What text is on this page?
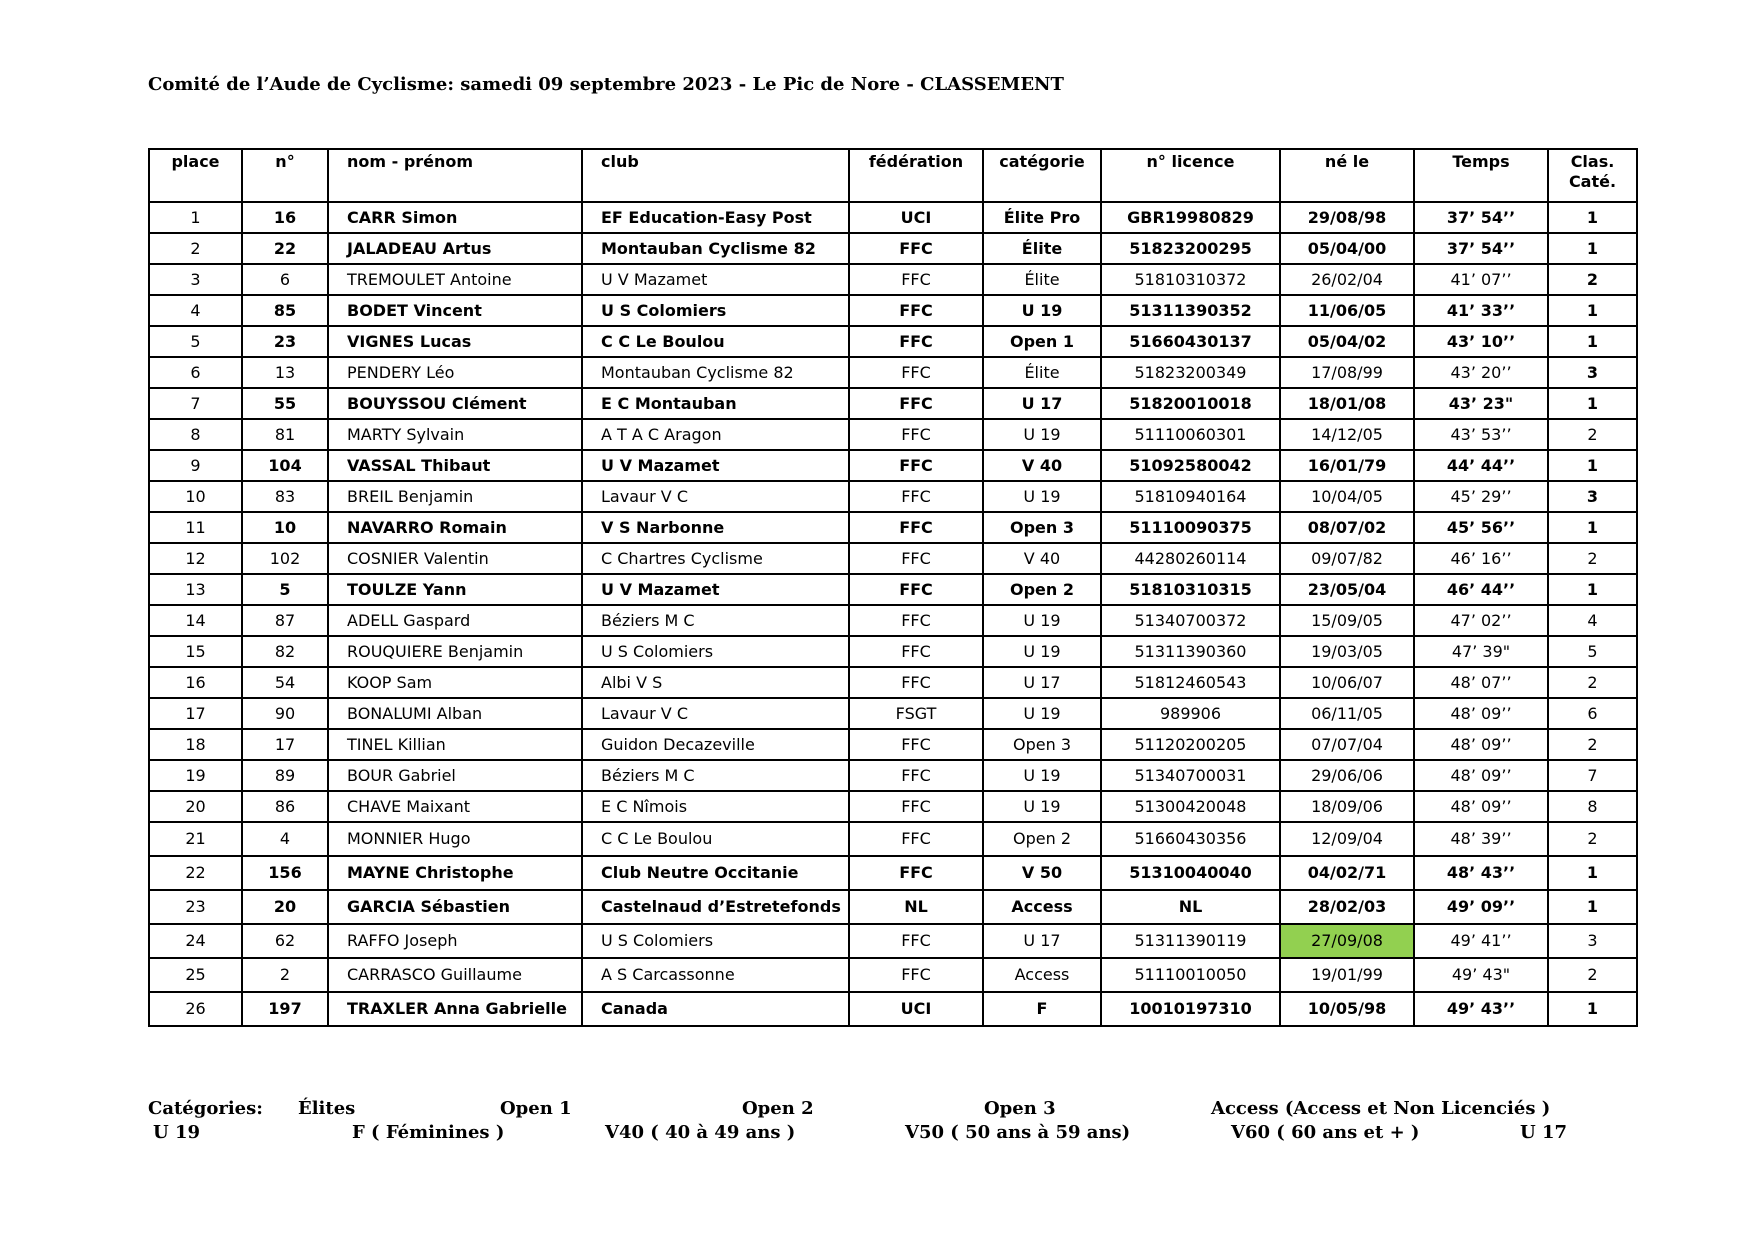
Comité de l’Aude de Cyclisme: samedi 09 septembre 2023 - Le Pic de Nore - CLASSEMENT
place	n°	nom - prénom	club	fédération	catégorie	n° licence	né le	Temps	Clas.
Caté.

1	16	CARR Simon	EF Education-Easy Post	UCI	Élite Pro	GBR19980829	29/08/98	37’ 54’’	1
2	22	JALADEAU Artus	Montauban Cyclisme 82	FFC	Élite	51823200295	05/04/00	37’ 54’’	1
3	6	TREMOULET Antoine	U V Mazamet	FFC	Élite	51810310372	26/02/04	41’ 07’’	2
4	85	BODET Vincent	U S Colomiers	FFC	U 19	51311390352	11/06/05	41’ 33’’	1
5	23	VIGNES Lucas	C C Le Boulou	FFC	Open 1	51660430137	05/04/02	43’ 10’’	1
6	13	PENDERY Léo	Montauban Cyclisme 82	FFC	Élite	51823200349	17/08/99	43’ 20’’	3
7	55	BOUYSSOU Clément	E C Montauban	FFC	U 17	51820010018	18/01/08	43’ 23"	1
8	81	MARTY Sylvain	A T A C Aragon	FFC	U 19	51110060301	14/12/05	43’ 53’’	2
9	104	VASSAL Thibaut	U V Mazamet	FFC	V 40	51092580042	16/01/79	44’ 44’’	1
10	83	BREIL Benjamin	Lavaur V C	FFC	U 19	51810940164	10/04/05	45’ 29’’	3
11	10	NAVARRO Romain	V S Narbonne	FFC	Open 3	51110090375	08/07/02	45’ 56’’	1
12	102	COSNIER Valentin	C Chartres Cyclisme	FFC	V 40	44280260114	09/07/82	46’ 16’’	2
13	5	TOULZE Yann	U V Mazamet	FFC	Open 2	51810310315	23/05/04	46’ 44’’	1
14	87	ADELL Gaspard	Béziers M C	FFC	U 19	51340700372	15/09/05	47’ 02’’	4
15	82	ROUQUIERE Benjamin	U S Colomiers	FFC	U 19	51311390360	19/03/05	47’ 39"	5
16	54	KOOP Sam	Albi V S	FFC	U 17	51812460543	10/06/07	48’ 07’’	2
17	90	BONALUMI Alban	Lavaur V C	FSGT	U 19	989906	06/11/05	48’ 09’’	6
18	17	TINEL Killian	Guidon Decazeville	FFC	Open 3	51120200205	07/07/04	48’ 09’’	2
19	89	BOUR Gabriel	Béziers M C	FFC	U 19	51340700031	29/06/06	48’ 09’’	7
20	86	CHAVE Maixant	E C Nîmois	FFC	U 19	51300420048	18/09/06	48’ 09’’	8
21	4	MONNIER Hugo	C C Le Boulou	FFC	Open 2	51660430356	12/09/04	48’ 39’’	2
22	156	MAYNE Christophe	Club Neutre Occitanie	FFC	V 50	51310040040	04/02/71	48’ 43’’	1
23	20	GARCIA Sébastien	Castelnaud d’Estretefonds	NL	Access	NL	28/02/03	49’ 09’’	1
24	62	RAFFO Joseph	U S Colomiers	FFC	U 17	51311390119	27/09/08	49’ 41’’	3
25	2	CARRASCO Guillaume	A S Carcassonne	FFC	Access	51110010050	19/01/99	49’ 43"	2
26	197	TRAXLER Anna Gabrielle	Canada	UCI	F	10010197310	10/05/98	49’ 43’’	1
Catégories: Élites	Open 1	Open 2	Open 3	Access (Access et Non Licenciés )
U 19	F ( Féminines )	V40 ( 40 à 49 ans )	V50 ( 50 ans à 59 ans)	V60 ( 60 ans et + )	U 17
